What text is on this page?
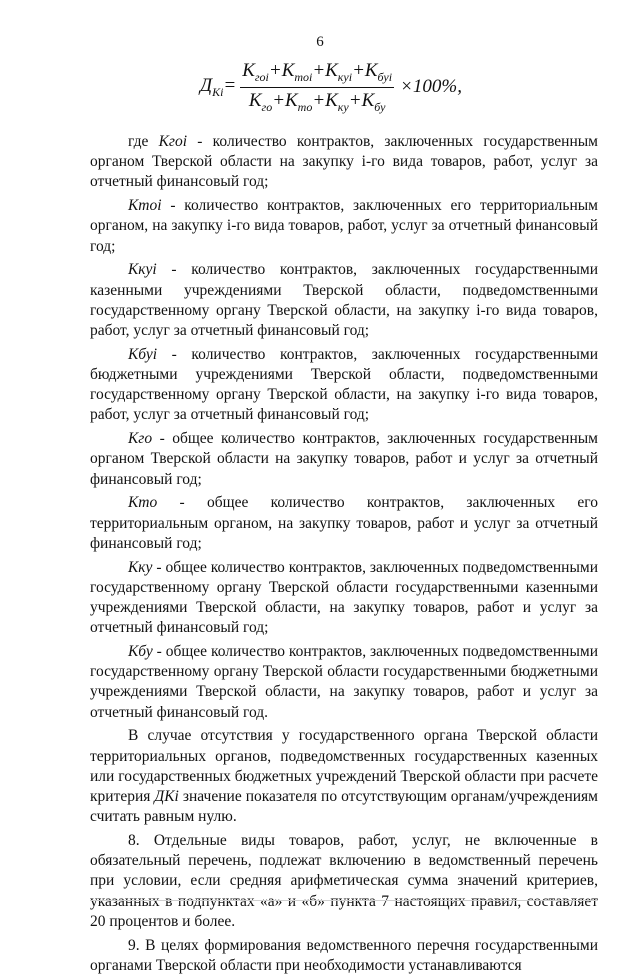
6
$Д_{Кi}= \frac{К_{гоi}+К_{тоi}+К_{куi}+К_{буi}}{К_{го}+К_{то}+К_{ку}+К_{бу}} \times 100\%$,

где Кгоi - количество контрактов, заключенных государственным органом Тверской области на закупку i-го вида товаров, работ, услуг за отчетный финансовый год;

Ктоi - количество контрактов, заключенных его территориальным органом, на закупку i-го вида товаров, работ, услуг за отчетный финансовый год;

Ккуi - количество контрактов, заключенных государственными казенными учреждениями Тверской области, подведомственными государственному органу Тверской области, на закупку i-го вида товаров, работ, услуг за отчетный финансовый год;

Кбуi - количество контрактов, заключенных государственными бюджетными учреждениями Тверской области, подведомственными государственному органу Тверской области, на закупку i-го вида товаров, работ, услуг за отчетный финансовый год;

Кго - общее количество контрактов, заключенных государственным органом Тверской области на закупку товаров, работ и услуг за отчетный финансовый год;

Кто - общее количество контрактов, заключенных его территориальным органом, на закупку товаров, работ и услуг за отчетный финансовый год;

Кку - общее количество контрактов, заключенных подведомственными государственному органу Тверской области государственными казенными учреждениями Тверской области, на закупку товаров, работ и услуг за отчетный финансовый год;

Кбу - общее количество контрактов, заключенных подведомственными государственному органу Тверской области государственными бюджетными учреждениями Тверской области, на закупку товаров, работ и услуг за отчетный финансовый год.

В случае отсутствия у государственного органа Тверской области территориальных органов, подведомственных государственных казенных или государственных бюджетных учреждений Тверской области при расчете критерия ДКi значение показателя по отсутствующим органам/учреждениям считать равным нулю.

8. Отдельные виды товаров, работ, услуг, не включенные в обязательный перечень, подлежат включению в ведомственный перечень при условии, если средняя арифметическая сумма значений критериев, указанных в подпунктах «а» и «б» пункта 7 настоящих правил, составляет 20 процентов и более.

9. В целях формирования ведомственного перечня государственными органами Тверской области при необходимости устанавливаются
